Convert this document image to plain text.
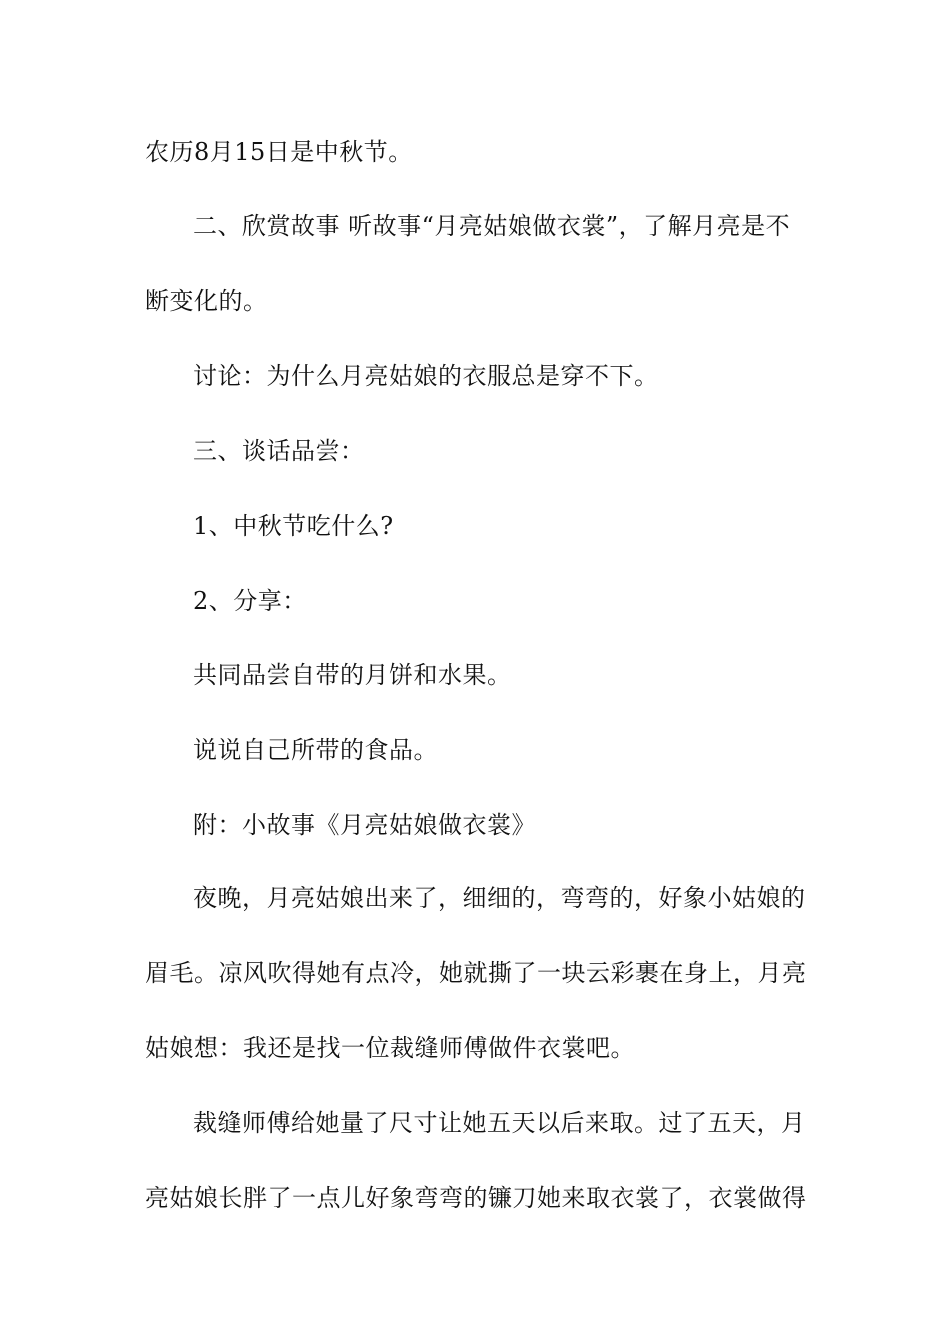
农历8月15日是中秋节。
二、欣赏故事 听故事“月亮姑娘做衣裳”，了解月亮是不
断变化的。
讨论：为什么月亮姑娘的衣服总是穿不下。
三、谈话品尝：
1、中秋节吃什么?
2、分享：
共同品尝自带的月饼和水果。
说说自己所带的食品。
附：小故事《月亮姑娘做衣裳》
夜晚，月亮姑娘出来了，细细的，弯弯的，好象小姑娘的
眉毛。凉风吹得她有点冷，她就撕了一块云彩裹在身上，月亮
姑娘想：我还是找一位裁缝师傅做件衣裳吧。
裁缝师傅给她量了尺寸让她五天以后来取。过了五天，月
亮姑娘长胖了一点儿好象弯弯的镰刀她来取衣裳了，衣裳做得
